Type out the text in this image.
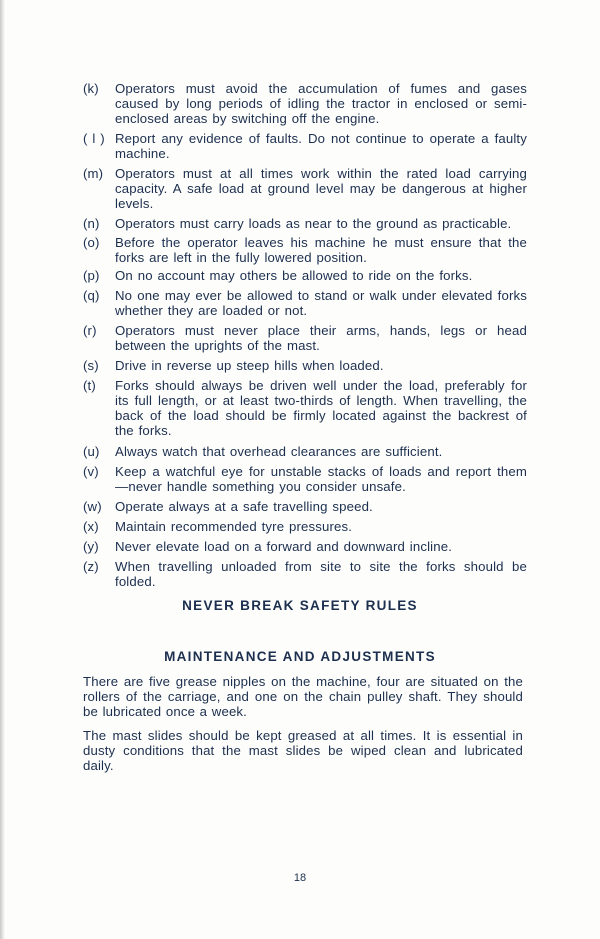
(k)	Operators must avoid the accumulation of fumes and gases caused by long periods of idling the tractor in enclosed or semi-enclosed areas by switching off the engine.
( l ) Report any evidence of faults. Do not continue to operate a faulty machine.
(m) Operators must at all times work within the rated load carrying capacity. A safe load at ground level may be dangerous at higher levels.
(n)	Operators must carry loads as near to the ground as practicable.
(o)	Before the operator leaves his machine he must ensure that the forks are left in the fully lowered position.
(p)	On no account may others be allowed to ride on the forks.
(q)	No one may ever be allowed to stand or walk under elevated forks whether they are loaded or not.
(r)	Operators must never place their arms, hands, legs or head between the uprights of the mast.
(s)	Drive in reverse up steep hills when loaded.
(t)	Forks should always be driven well under the load, preferably for its full length, or at least two-thirds of length. When travelling, the back of the load should be firmly located against the backrest of the forks.
(u)	Always watch that overhead clearances are sufficient.
(v)	Keep a watchful eye for unstable stacks of loads and report them —never handle something you consider unsafe.
(w)	Operate always at a safe travelling speed.
(x)	Maintain recommended tyre pressures.
(y)	Never elevate load on a forward and downward incline.
(z)	When travelling unloaded from site to site the forks should be folded.
NEVER BREAK SAFETY RULES
MAINTENANCE AND ADJUSTMENTS
There are five grease nipples on the machine, four are situated on the rollers of the carriage, and one on the chain pulley shaft. They should be lubricated once a week.
The mast slides should be kept greased at all times. It is essential in dusty conditions that the mast slides be wiped clean and lubricated daily.
18
